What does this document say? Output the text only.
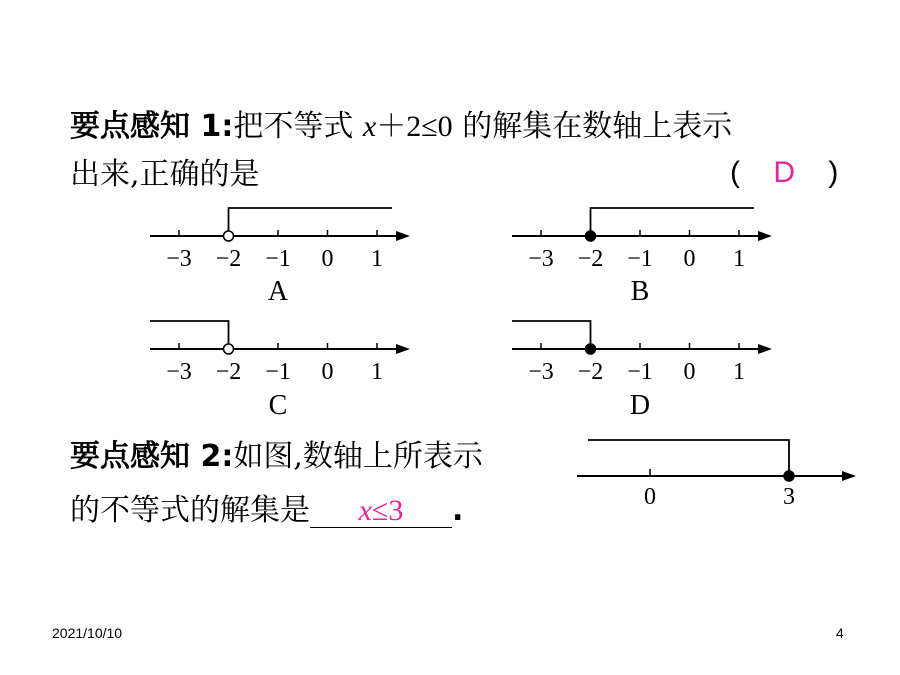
要点感知 1:把不等式 x＋2≤0 的解集在数轴上表示
出来,正确的是	( D )
要点感知 2:如图,数轴上所表示
的不等式的解集是 x≤3 .
−3 −2 −1 0 1
A
−3 −2 −1 0 1
B
−3 −2 −1 0 1
C
−3 −2 −1 0 1
D
0	3
2021/10/10	4
